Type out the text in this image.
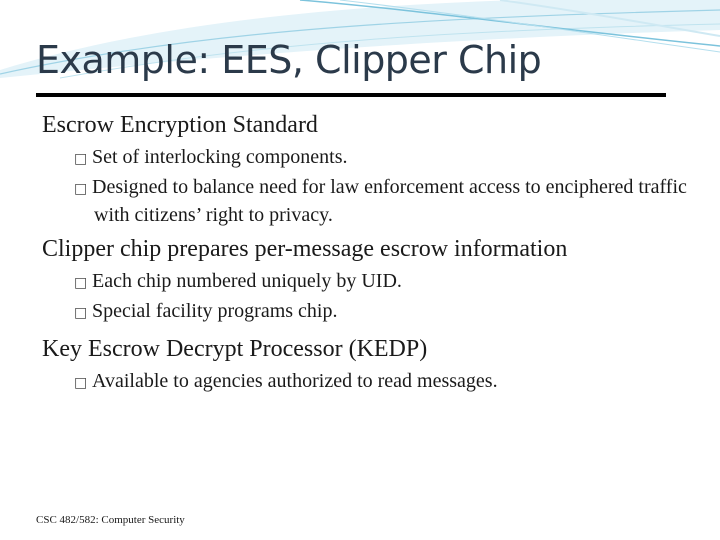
Example: EES, Clipper Chip
Escrow Encryption Standard
□ Set of interlocking components.
□ Designed to balance need for law enforcement access to enciphered traffic with citizens’ right to privacy.
Clipper chip prepares per-message escrow information
□ Each chip numbered uniquely by UID.
□ Special facility programs chip.
Key Escrow Decrypt Processor (KEDP)
□ Available to agencies authorized to read messages.
CSC 482/582: Computer Security
